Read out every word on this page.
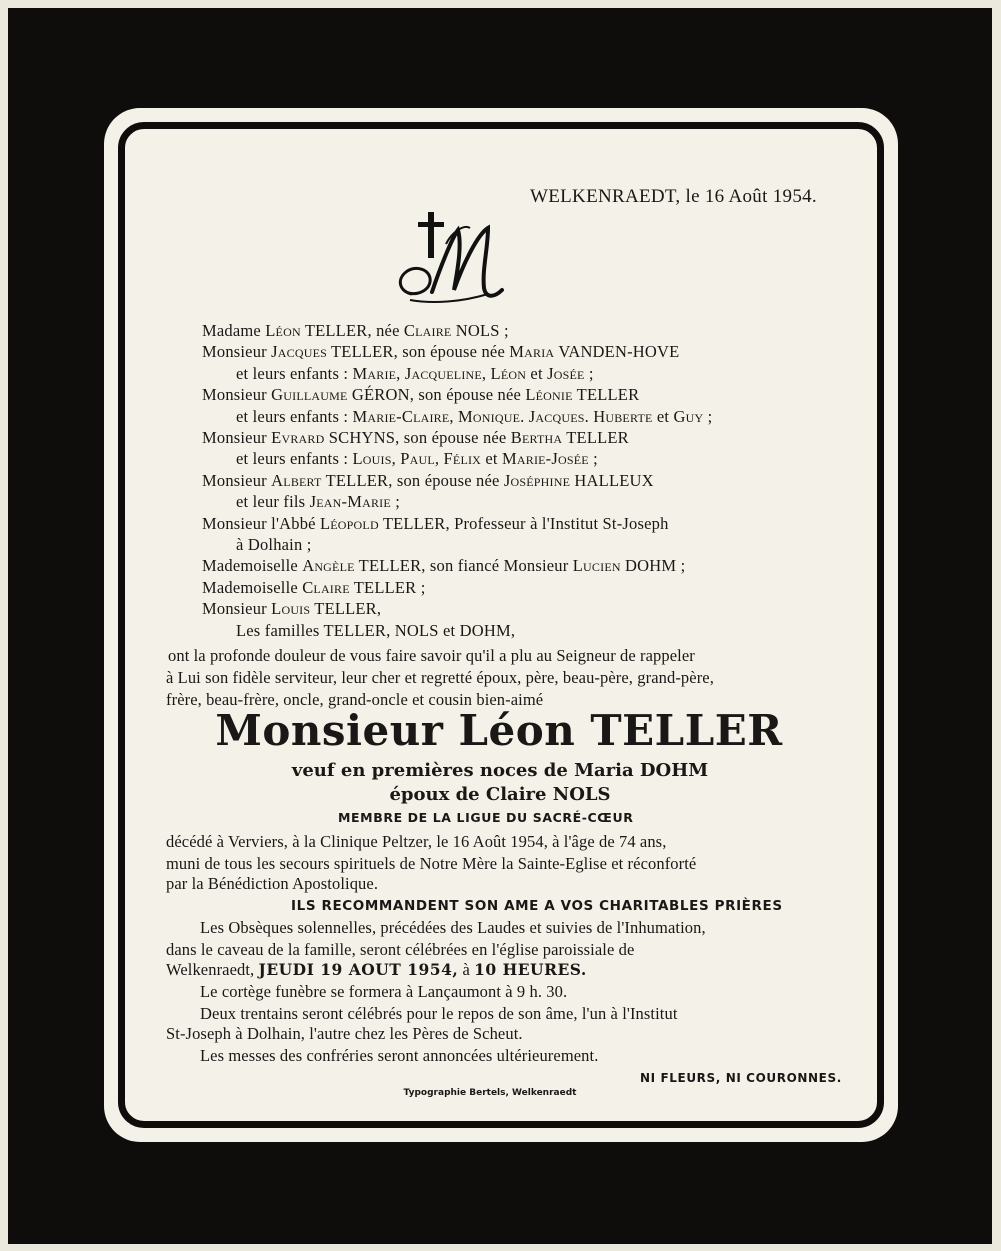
WELKENRAEDT, le 16 Août 1954.
Madame Léon TELLER, née Claire NOLS ;
Monsieur Jacques TELLER, son épouse née Maria VANDEN-HOVE
et leurs enfants : Marie, Jacqueline, Léon et Josée ;
Monsieur Guillaume GÉRON, son épouse née Léonie TELLER
et leurs enfants : Marie-Claire, Monique. Jacques. Huberte et Guy ;
Monsieur Evrard SCHYNS, son épouse née Bertha TELLER
et leurs enfants : Louis, Paul, Félix et Marie-Josée ;
Monsieur Albert TELLER, son épouse née Joséphine HALLEUX
et leur fils Jean-Marie ;
Monsieur l'Abbé Léopold TELLER, Professeur à l'Institut St-Joseph
à Dolhain ;
Mademoiselle Angèle TELLER, son fiancé Monsieur Lucien DOHM ;
Mademoiselle Claire TELLER ;
Monsieur Louis TELLER,
Les familles TELLER, NOLS et DOHM,
ont la profonde douleur de vous faire savoir qu'il a plu au Seigneur de rappeler
à Lui son fidèle serviteur, leur cher et regretté époux, père, beau-père, grand-père,
frère, beau-frère, oncle, grand-oncle et cousin bien-aimé
Monsieur Léon TELLER
veuf en premières noces de Maria DOHM
époux de Claire NOLS
MEMBRE DE LA LIGUE DU SACRÉ-CŒUR
décédé à Verviers, à la Clinique Peltzer, le 16 Août 1954, à l'âge de 74 ans,
muni de tous les secours spirituels de Notre Mère la Sainte-Eglise et réconforté
par la Bénédiction Apostolique.
ILS RECOMMANDENT SON AME A VOS CHARITABLES PRIÈRES
Les Obsèques solennelles, précédées des Laudes et suivies de l'Inhumation,
dans le caveau de la famille, seront célébrées en l'église paroissiale de
Welkenraedt, JEUDI 19 AOUT 1954, à 10 HEURES.
Le cortège funèbre se formera à Lançaumont à 9 h. 30.
Deux trentains seront célébrés pour le repos de son âme, l'un à l'Institut
St-Joseph à Dolhain, l'autre chez les Pères de Scheut.
Les messes des confréries seront annoncées ultérieurement.
NI FLEURS, NI COURONNES.
Typographie Bertels, Welkenraedt
